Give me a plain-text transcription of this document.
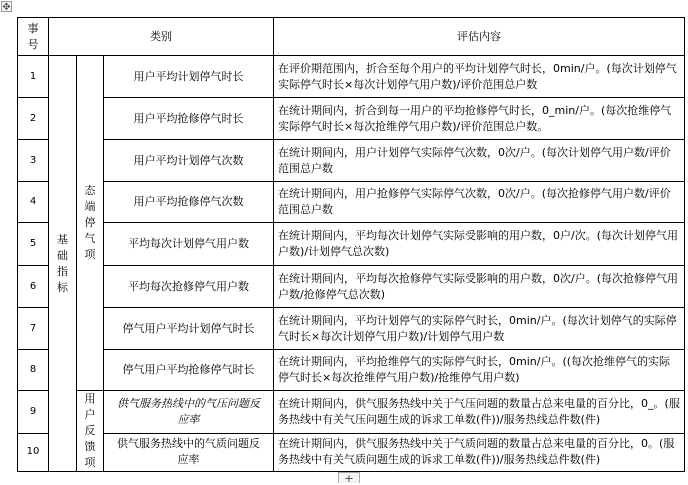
✥
事号	类别			评估内容
1	基础指标	态端停气项	用户平均计划停气时长	在评价期范围内，折合至每个用户的平均计划停气时长，0min/户。(每次计划停气实际停气时长×每次计划停气用户数)/评价范围总户数
2			用户平均抢修停气时长	在统计期间内，折合到每一用户的平均抢修停气时长，0_min/户。(每次抢维停气实际停气时长×每次抢维停气用户数)/评价范围总户数。
3			用户平均计划停气次数	在统计期间内，用户计划停气实际停气次数，0次/户。(每次计划停气用户数/评价范围总户数
4			用户平均抢修停气次数	在统计期间内，用户抢修停气实际停气次数，0次/户。(每次抢修停气用户数/评价范围总户数
5			平均每次计划停气用户数	在统计期间内，平均每次计划停气实际受影响的用户数，0户/次。(每次计划停气用户数)/计划停气总次数)
6			平均每次抢修停气用户数	在统计期间内，平均每次抢修停气实际受影响的用户数，0次/户。(每次抢修停气用户数/抢修停气总次数)
7			停气用户平均计划停气时长	在统计期间内，平均计划停气的实际停气时长，0min/户。(每次计划停气的实际停气时长×每次计划停气用户数)/计划停气用户数
8			停气用户平均抢修停气时长	在统计期间内，平均抢维停气的实际停气时长，0min/户。((每次抢维停气的实际停气时长×每次抢维停气用户数)/抢维停气用户数)
9		用户反馈项	供气服务热线中的气压问题反应率	在统计期间内，供气服务热线中关于气压问题的数量占总来电量的百分比，0_。(服务热线中有关气压问题生成的诉求工单数(件))/服务热线总件数(件)
10			供气服务热线中的气质问题反应率	在统计期间内，供气服务热线中关于气质问题的数量占总来电量的百分比，0。(服务热线中有关气质问题生成的诉求工单数(件))/服务热线总件数(件)
+
